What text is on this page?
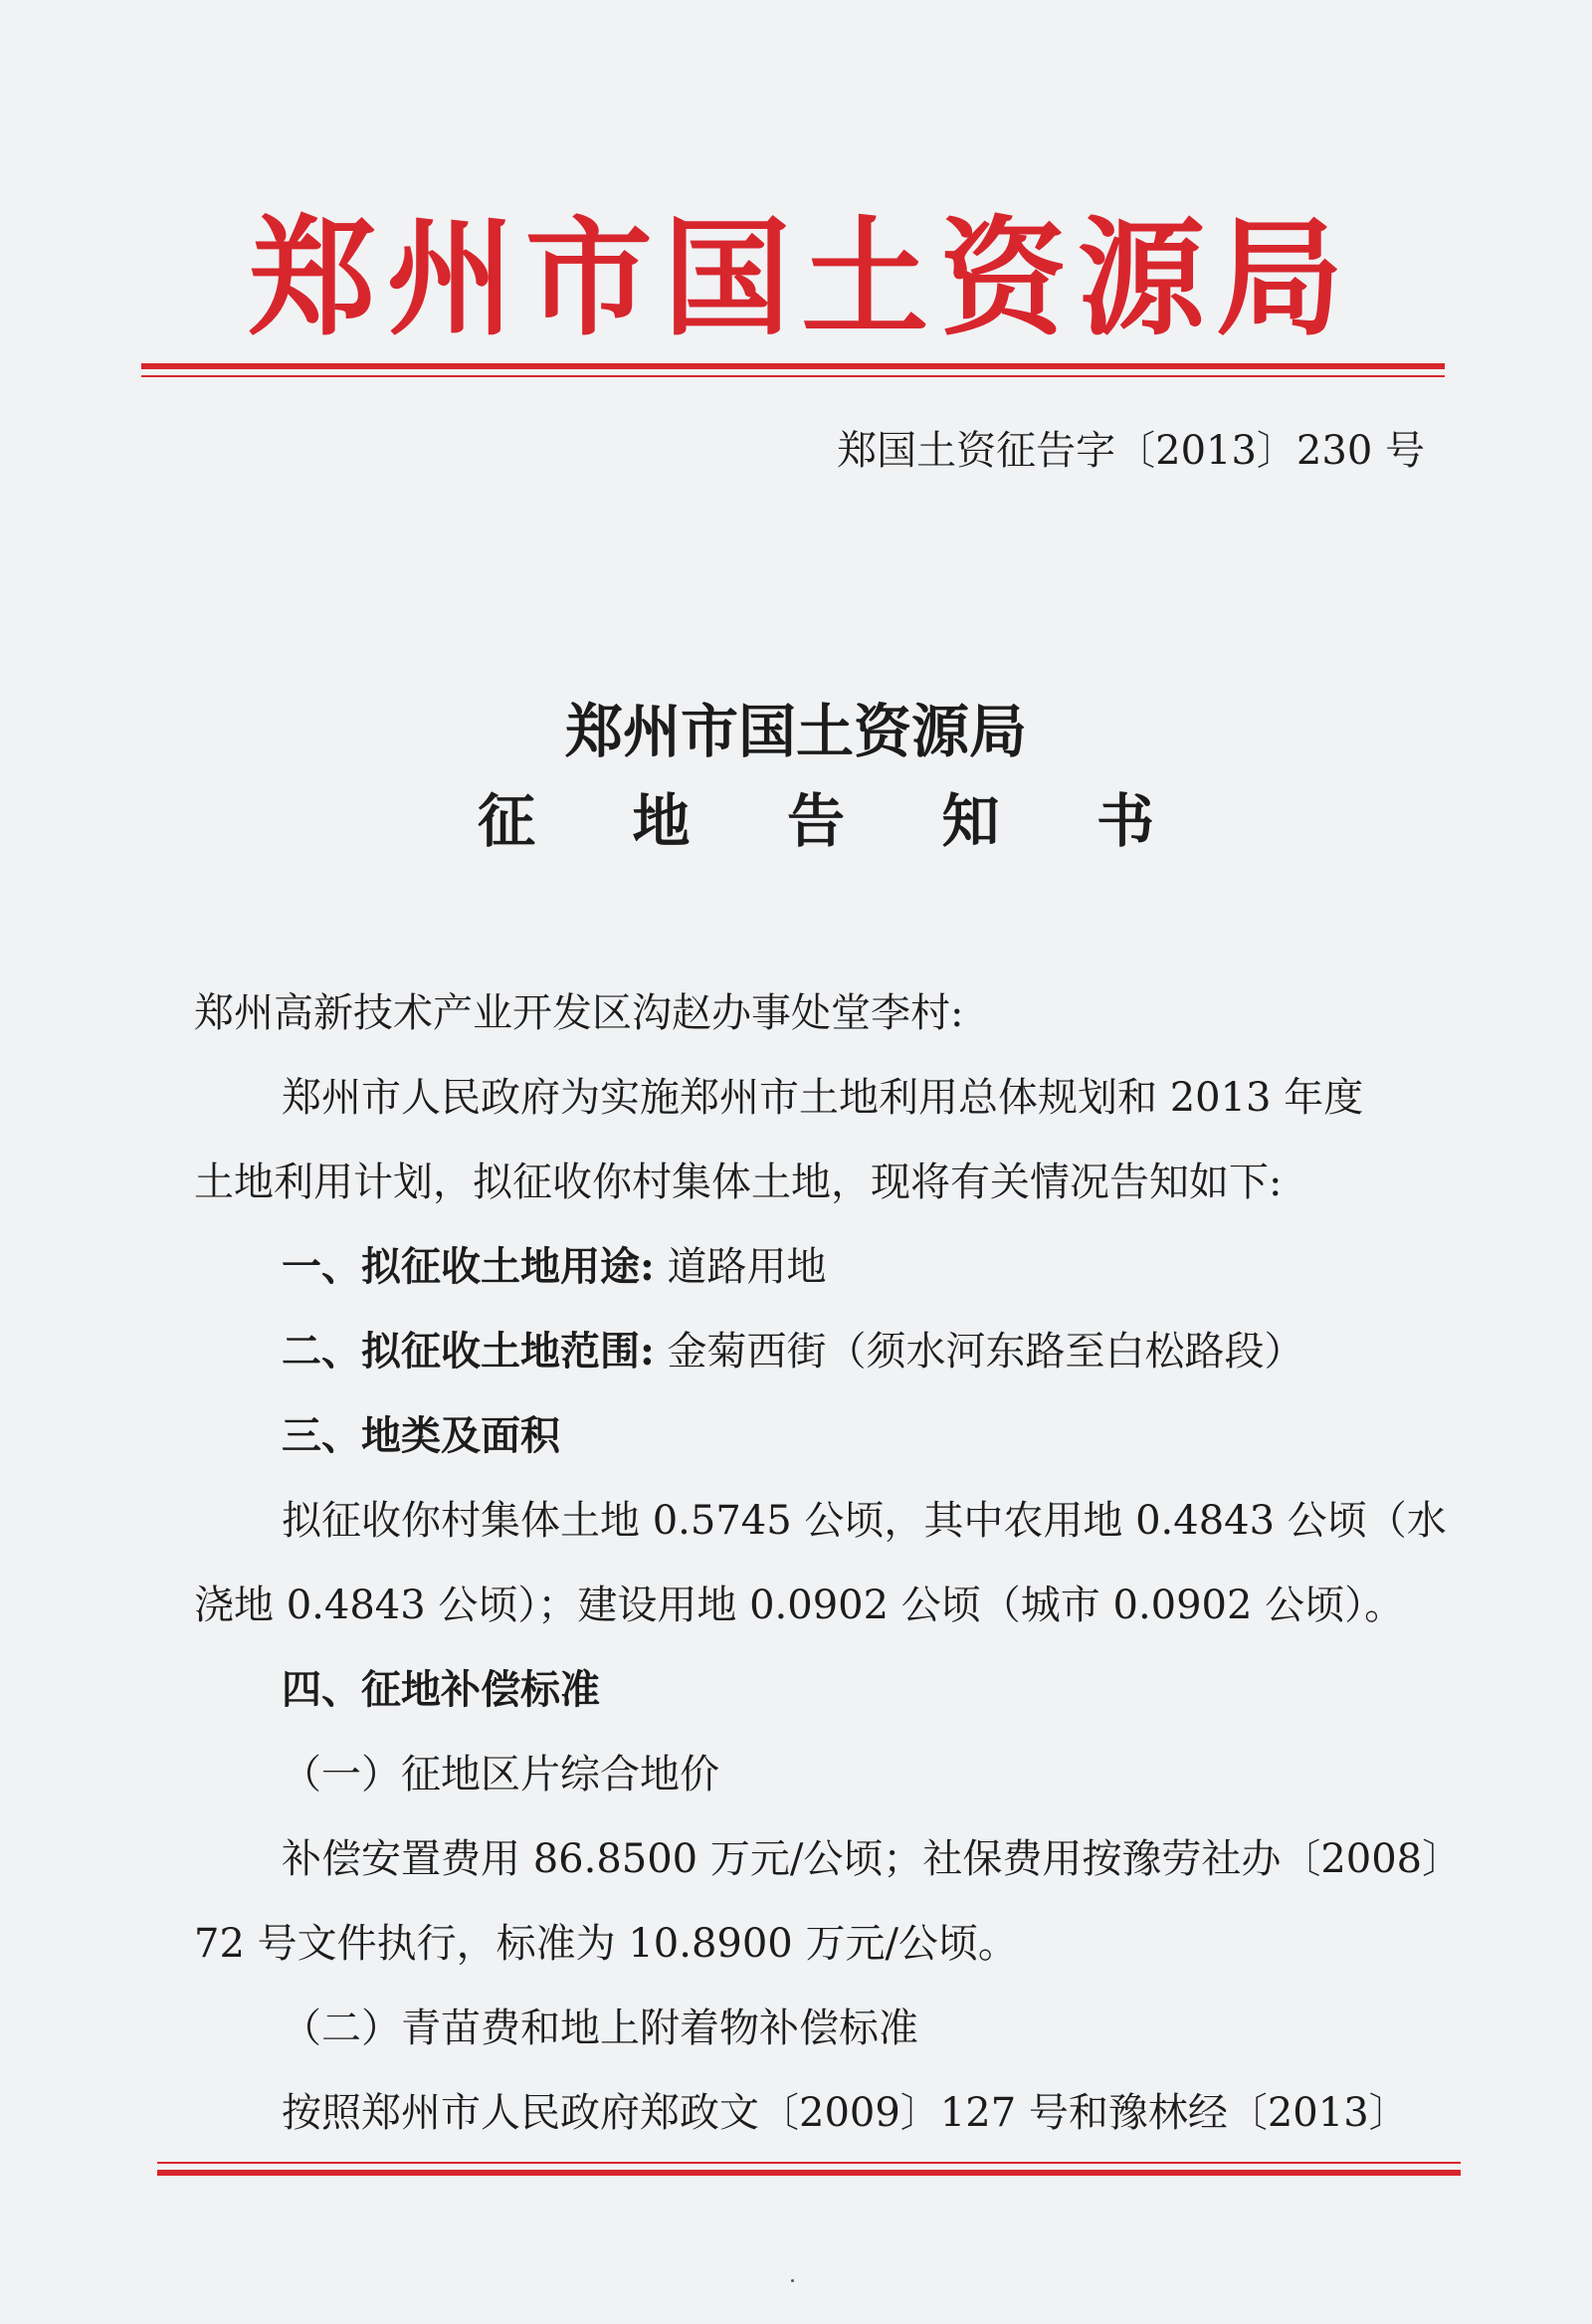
郑 州 市 国 土 资 源 局
郑国土资征告字〔2013〕230 号
郑州市国土资源局
征 地 告 知 书
郑州高新技术产业开发区沟赵办事处堂李村:
郑州市人民政府为实施郑州市土地利用总体规划和 2013 年度
土地利用计划，拟征收你村集体土地，现将有关情况告知如下:
一、拟征收土地用途: 道路用地
二、拟征收土地范围: 金菊西街（须水河东路至白松路段）
三、地类及面积
拟征收你村集体土地 0.5745 公顷，其中农用地 0.4843 公顷（水
浇地 0.4843 公顷）；建设用地 0.0902 公顷（城市 0.0902 公顷）。
四、征地补偿标准
（一）征地区片综合地价
补偿安置费用 86.8500 万元/公顷；社保费用按豫劳社办〔2008〕
72 号文件执行，标准为 10.8900 万元/公顷。
（二）青苗费和地上附着物补偿标准
按照郑州市人民政府郑政文〔2009〕127 号和豫林经〔2013〕
